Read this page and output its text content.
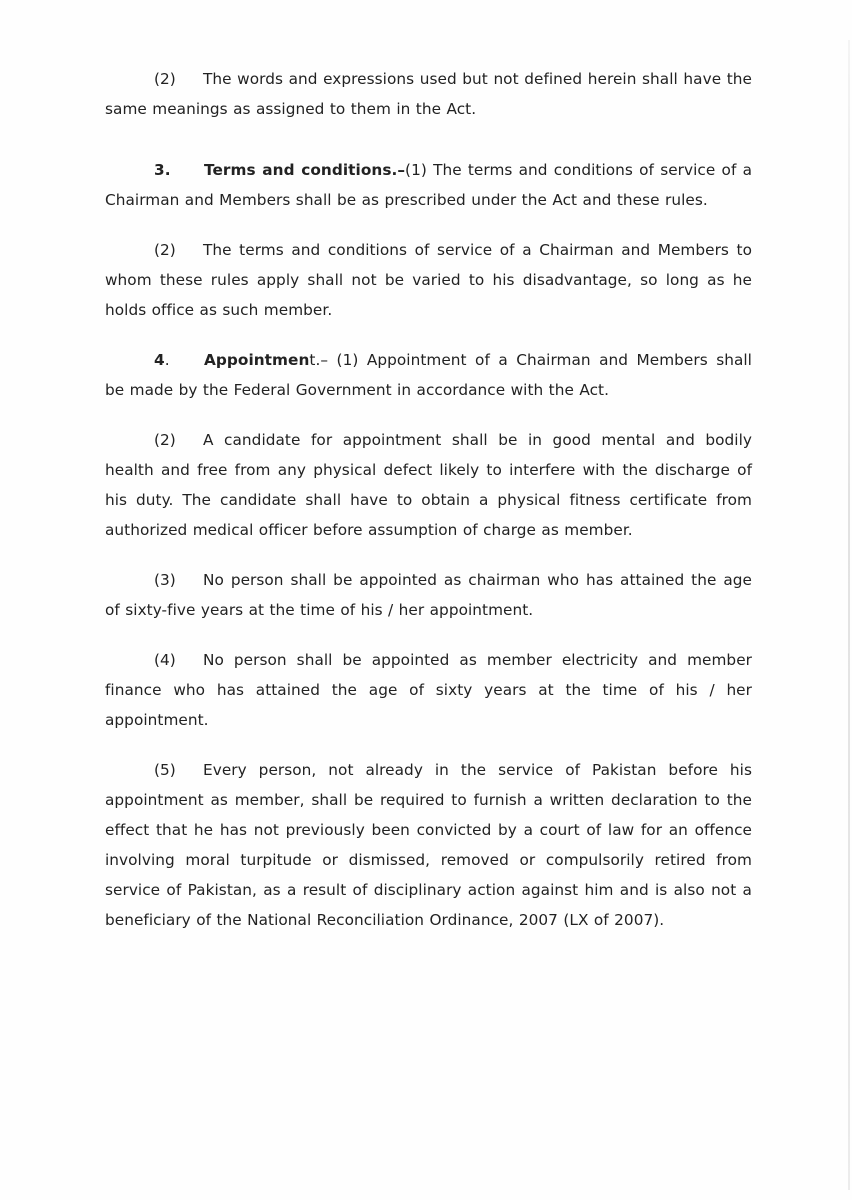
(2) The words and expressions used but not defined herein shall have the same meanings as assigned to them in the Act.

3. Terms and conditions.–(1) The terms and conditions of service of a Chairman and Members shall be as prescribed under the Act and these rules.

(2) The terms and conditions of service of a Chairman and Members to whom these rules apply shall not be varied to his disadvantage, so long as he holds office as such member.

4. Appointment.– (1) Appointment of a Chairman and Members shall be made by the Federal Government in accordance with the Act.

(2) A candidate for appointment shall be in good mental and bodily health and free from any physical defect likely to interfere with the discharge of his duty. The candidate shall have to obtain a physical fitness certificate from authorized medical officer before assumption of charge as member.

(3) No person shall be appointed as chairman who has attained the age of sixty-five years at the time of his / her appointment.

(4) No person shall be appointed as member electricity and member finance who has attained the age of sixty years at the time of his / her appointment.

(5) Every person, not already in the service of Pakistan before his appointment as member, shall be required to furnish a written declaration to the effect that he has not previously been convicted by a court of law for an offence involving moral turpitude or dismissed, removed or compulsorily retired from service of Pakistan, as a result of disciplinary action against him and is also not a beneficiary of the National Reconciliation Ordinance, 2007 (LX of 2007).
